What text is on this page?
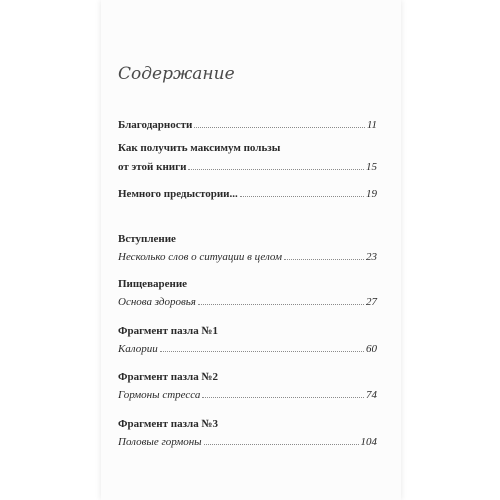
Содержание
Благодарности	11
Как получить максимум пользы
от этой книги	15
Немного предыстории...	19
Вступление
Несколько слов о ситуации в целом	23
Пищеварение
Основа здоровья	27
Фрагмент пазла №1
Калории	60
Фрагмент пазла №2
Гормоны стресса	74
Фрагмент пазла №3
Половые гормоны	104
